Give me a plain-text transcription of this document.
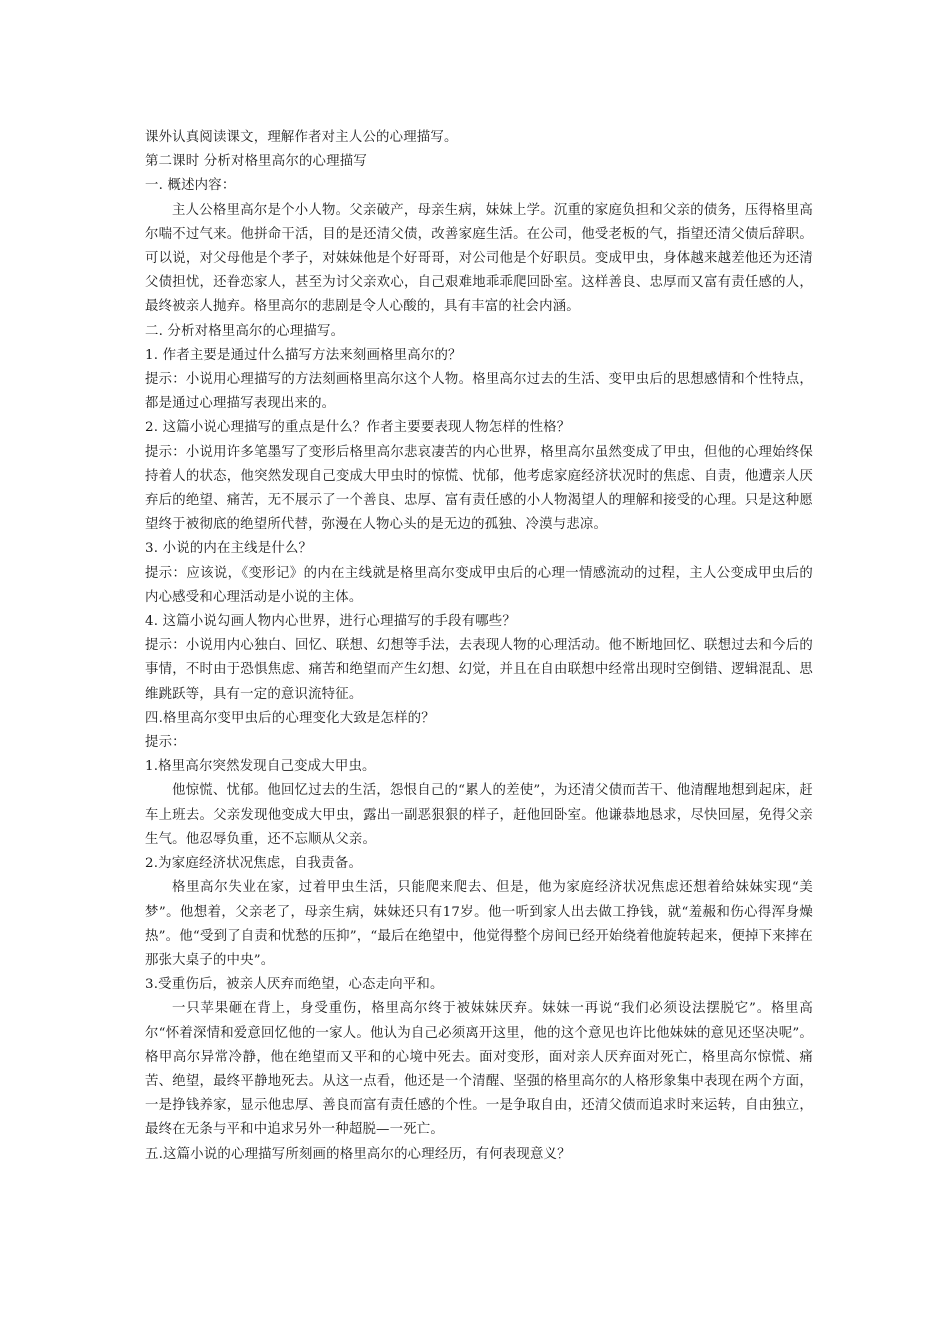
课外认真阅读课文，理解作者对主人公的心理描写。

第二课时 分析对格里高尔的心理描写

一. 概述内容：

主人公格里高尔是个小人物。父亲破产，母亲生病，妹妹上学。沉重的家庭负担和父亲的债务，压得格里高尔喘不过气来。他拼命干活，目的是还清父债，改善家庭生活。在公司，他受老板的气，指望还清父债后辞职。可以说，对父母他是个孝子，对妹妹他是个好哥哥，对公司他是个好职员。变成甲虫，身体越来越差他还为还清父债担忧，还眷恋家人，甚至为讨父亲欢心，自己艰难地乖乖爬回卧室。这样善良、忠厚而又富有责任感的人，最终被亲人抛弃。格里高尔的悲剧是令人心酸的，具有丰富的社会内涵。

二. 分析对格里高尔的心理描写。

1. 作者主要是通过什么描写方法来刻画格里高尔的？

提示：小说用心理描写的方法刻画格里高尔这个人物。格里高尔过去的生活、变甲虫后的思想感情和个性特点，都是通过心理描写表现出来的。

2. 这篇小说心理描写的重点是什么？作者主要要表现人物怎样的性格？

提示：小说用许多笔墨写了变形后格里高尔悲哀凄苦的内心世界，格里高尔虽然变成了甲虫，但他的心理始终保持着人的状态，他突然发现自己变成大甲虫时的惊慌、忧郁，他考虑家庭经济状况时的焦虑、自责，他遭亲人厌弃后的绝望、痛苦，无不展示了一个善良、忠厚、富有责任感的小人物渴望人的理解和接受的心理。只是这种愿望终于被彻底的绝望所代替，弥漫在人物心头的是无边的孤独、冷漠与悲凉。

3. 小说的内在主线是什么？

提示：应该说，《变形记》的内在主线就是格里高尔变成甲虫后的心理一情感流动的过程，主人公变成甲虫后的内心感受和心理活动是小说的主体。

4. 这篇小说勾画人物内心世界，进行心理描写的手段有哪些？

提示：小说用内心独白、回忆、联想、幻想等手法，去表现人物的心理活动。他不断地回忆、联想过去和今后的事情，不时由于恐惧焦虑、痛苦和绝望而产生幻想、幻觉，并且在自由联想中经常出现时空倒错、逻辑混乱、思维跳跃等，具有一定的意识流特征。

四.格里高尔变甲虫后的心理变化大致是怎样的？

提示：

1.格里高尔突然发现自己变成大甲虫。

他惊慌、忧郁。他回忆过去的生活，怨恨自己的“累人的差使”，为还清父债而苦干、他清醒地想到起床，赶车上班去。父亲发现他变成大甲虫，露出一副恶狠狠的样子，赶他回卧室。他谦恭地恳求，尽快回屋，免得父亲生气。他忍辱负重，还不忘顺从父亲。

2.为家庭经济状况焦虑，自我责备。

格里高尔失业在家，过着甲虫生活，只能爬来爬去、但是，他为家庭经济状况焦虑还想着给妹妹实现“美梦”。他想着，父亲老了，母亲生病，妹妹还只有17岁。他一听到家人出去做工挣钱，就“羞赧和伤心得浑身燥热”。他“受到了自责和忧愁的压抑”，“最后在绝望中，他觉得整个房间已经开始绕着他旋转起来，便掉下来摔在那张大桌子的中央”。

3.受重伤后，被亲人厌弃而绝望，心态走向平和。

一只苹果砸在背上，身受重伤，格里高尔终于被妹妹厌弃。妹妹一再说“我们必须设法摆脱它”。格里高尔“怀着深情和爱意回忆他的一家人。他认为自己必须离开这里，他的这个意见也许比他妹妹的意见还坚决呢”。格甲高尔异常冷静，他在绝望而又平和的心境中死去。面对变形，面对亲人厌弃面对死亡，格里高尔惊慌、痛苦、绝望，最终平静地死去。从这一点看，他还是一个清醒、坚强的格里高尔的人格形象集中表现在两个方面，一是挣钱养家，显示他忠厚、善良而富有责任感的个性。一是争取自由，还清父债而追求时来运转，自由独立，最终在无条与平和中追求另外一种超脱—一死亡。

五.这篇小说的心理描写所刻画的格里高尔的心理经历，有何表现意义？
